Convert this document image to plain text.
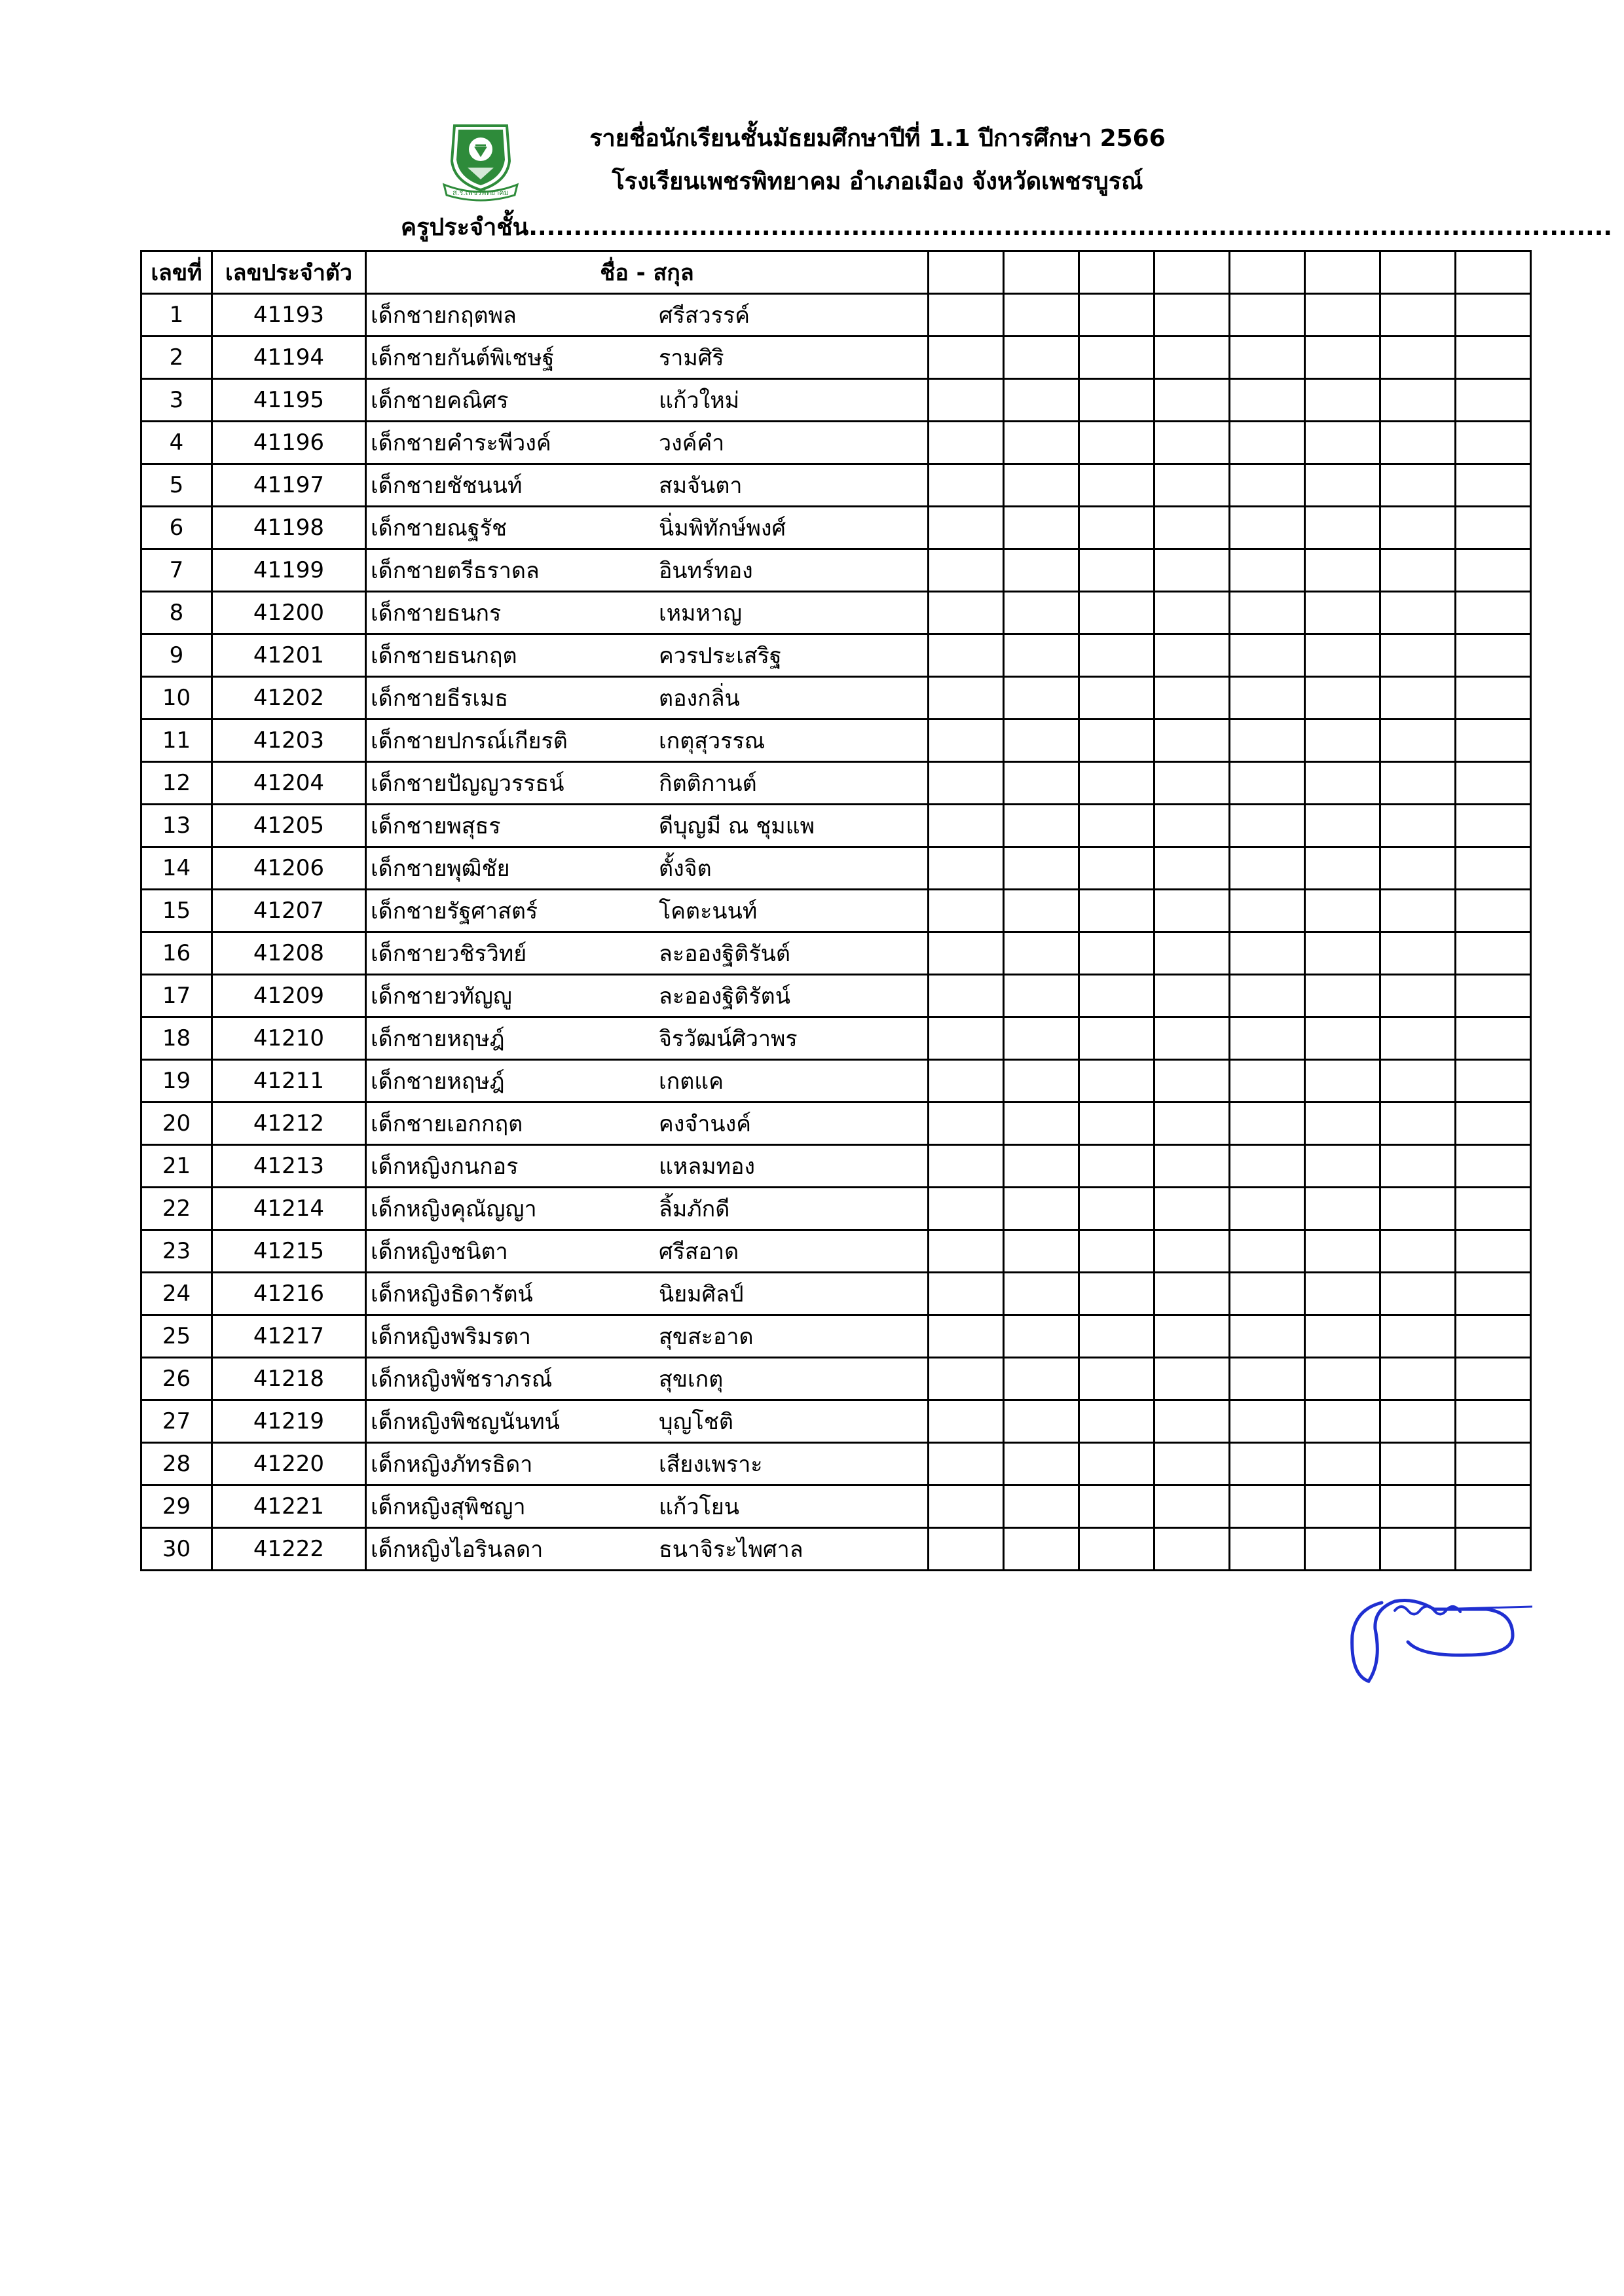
ส.ร.เพชรพิทยาคม
รายชื่อนักเรียนชั้นมัธยมศึกษาปีที่ 1.1 ปีการศึกษา 2566
โรงเรียนเพชรพิทยาคม อำเภอเมือง จังหวัดเพชรบูรณ์
ครูประจำชั้น.........................................................................................................................
เลขที่	เลขประจำตัว	ชื่อ - สกุล								
1	41193	เด็กชายกฤตพล ศรีสวรรค์								
2	41194	เด็กชายกันต์พิเชษฐ์ รามศิริ								
3	41195	เด็กชายคณิศร แก้วใหม่								
4	41196	เด็กชายคำระพีวงค์ วงค์คำ								
5	41197	เด็กชายชัชนนท์ สมจันตา								
6	41198	เด็กชายณฐรัช นิ่มพิทักษ์พงศ์								
7	41199	เด็กชายตรีธราดล อินทร์ทอง								
8	41200	เด็กชายธนกร เหมหาญ								
9	41201	เด็กชายธนกฤต ควรประเสริฐ								
10	41202	เด็กชายธีรเมธ ตองกลิ่น								
11	41203	เด็กชายปกรณ์เกียรติ เกตุสุวรรณ								
12	41204	เด็กชายปัญญวรรธน์ กิตติกานต์								
13	41205	เด็กชายพสุธร ดีบุญมี ณ ชุมแพ								
14	41206	เด็กชายพุฒิชัย ตั้งจิต								
15	41207	เด็กชายรัฐศาสตร์ โคตะนนท์								
16	41208	เด็กชายวชิรวิทย์ ละอองฐิติรันต์								
17	41209	เด็กชายวทัญญู ละอองฐิติรัตน์								
18	41210	เด็กชายหฤษฎ์ จิรวัฒน์ศิวาพร								
19	41211	เด็กชายหฤษฎ์ เกตแค								
20	41212	เด็กชายเอกกฤต คงจำนงค์								
21	41213	เด็กหญิงกนกอร แหลมทอง								
22	41214	เด็กหญิงคุณัญญา ลิ้มภักดี								
23	41215	เด็กหญิงชนิตา ศรีสอาด								
24	41216	เด็กหญิงธิดารัตน์ นิยมศิลป์								
25	41217	เด็กหญิงพริมรตา สุขสะอาด								
26	41218	เด็กหญิงพัชราภรณ์ สุขเกตุ								
27	41219	เด็กหญิงพิชญนันทน์ บุญโชติ								
28	41220	เด็กหญิงภัทรธิดา เสียงเพราะ								
29	41221	เด็กหญิงสุพิชญา แก้วโยน								
30	41222	เด็กหญิงไอรินลดา ธนาจิระไพศาล								
